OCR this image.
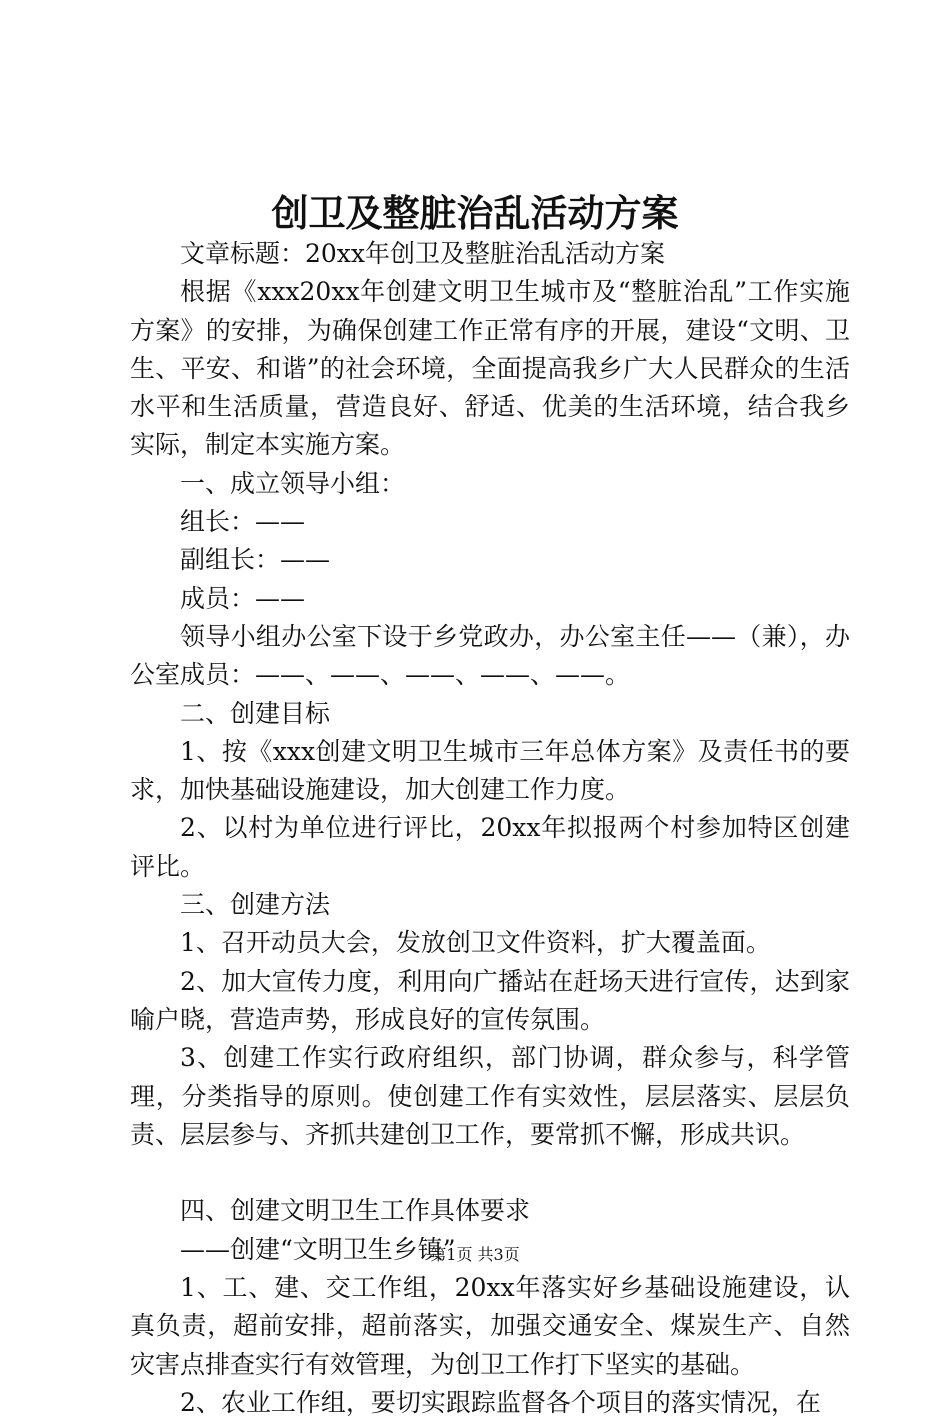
创卫及整脏治乱活动方案

文章标题：20xx年创卫及整脏治乱活动方案

根据《xxx20xx年创建文明卫生城市及“整脏治乱”工作实施方案》的安排，为确保创建工作正常有序的开展，建设“文明、卫生、平安、和谐”的社会环境，全面提高我乡广大人民群众的生活水平和生活质量，营造良好、舒适、优美的生活环境，结合我乡实际，制定本实施方案。

一、成立领导小组：

组长：——

副组长：——

成员：——

领导小组办公室下设于乡党政办，办公室主任——（兼），办公室成员：——、——、——、——、——。

二、创建目标

1、按《xxx创建文明卫生城市三年总体方案》及责任书的要求，加快基础设施建设，加大创建工作力度。

2、以村为单位进行评比，20xx年拟报两个村参加特区创建评比。

三、创建方法

1、召开动员大会，发放创卫文件资料，扩大覆盖面。

2、加大宣传力度，利用向广播站在赶场天进行宣传，达到家喻户晓，营造声势，形成良好的宣传氛围。

3、创建工作实行政府组织，部门协调，群众参与，科学管理，分类指导的原则。使创建工作有实效性，层层落实、层层负责、层层参与、齐抓共建创卫工作，要常抓不懈，形成共识。

四、创建文明卫生工作具体要求

——创建“文明卫生乡镇”

1、工、建、交工作组，20xx年落实好乡基础设施建设，认真负责，超前安排，超前落实，加强交通安全、煤炭生产、自然灾害点排查实行有效管理，为创卫工作打下坚实的基础。

2、农业工作组，要切实跟踪监督各个项目的落实情况，在

第1页 共3页
